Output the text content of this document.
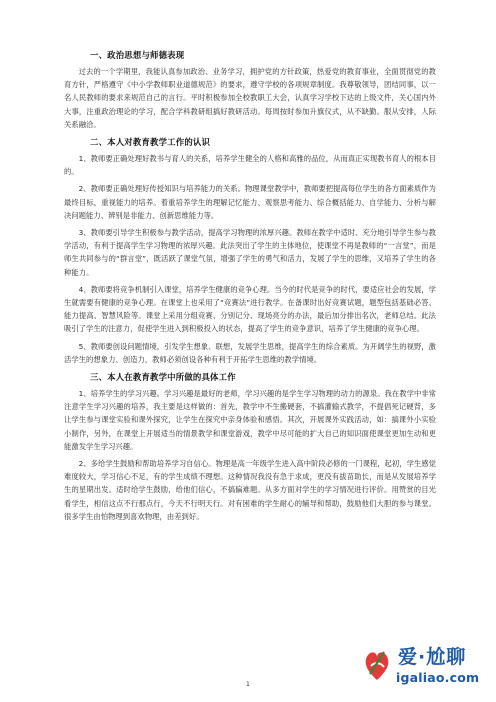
一、政治思想与师德表现

过去的一个学期里，我能认真参加政治、业务学习，拥护党的方针政策，热爱党的教育事业，全面贯彻党的教育方针，严格遵守《中小学教师职业道德规范》的要求，遵守学校的各项规章制度。我尊敬领导，团结同事，以一名人民教师的要求来规范自己的言行。平时积极参加全校教职工大会，认真学习学校下达的上级文件，关心国内外大事，注重政治理论的学习，配合学科教研组搞好教研活动。每周按时参加升旗仪式，从不缺勤。服从安排，人际关系融洽。

二、本人对教育教学工作的认识

1、教师要正确处理好教书与育人的关系，培养学生健全的人格和高雅的品位，从而真正实现教书育人的根本目的。

2、教师要正确处理好传授知识与培养能力的关系。物理课堂教学中，教师要把提高每位学生的各方面素质作为最终目标，重视能力的培养。着重培养学生的理解记忆能力、观察思考能力、综合概括能力、自学能力、分析与解决问题能力、辨别是非能力、创新思维能力等。

3、教师要引导学生积极参与教学活动，提高学习物理的浓厚兴趣。教师在教学中适时、充分地引导学生参与教学活动，有利于提高学生学习物理的浓厚兴趣。此法突出了学生的主体地位，使课堂不再是教师的“一言堂”，而是师生共同参与的“群言堂”，既活跃了课堂气氛，增强了学生的勇气和活力，发展了学生的思维，又培养了学生的各种能力。

4、教师要将竞争机制引入课堂，培养学生健康的竞争心理。当今的时代是竞争的时代，要适应社会的发展，学生就需要有健康的竞争心理。在课堂上也采用了“竞赛法”进行教学。在备课时出好竞赛试题，题型包括基础必答、能力提高、智慧风险等。课堂上采用分组竞赛、分别记分、现场亮分的办法，最后加分排出名次，老师总结。此法吸引了学生的注意力，促使学生进入到积极投入的状态，提高了学生的竞争意识，培养了学生健康的竞争心理。

5、教师要创设问题情境，引发学生想象、联想，发展学生思维，提高学生的综合素质。为开阔学生的视野，激活学生的想象力、创造力，教师必须创设各种有利于开拓学生思维的教学情境。

三、本人在教育教学中所做的具体工作

1、培养学生的学习兴趣。学习兴趣是最好的老师，学习兴趣的是学生学习物理的动力的源泉。我在教学中非常注意学生学习兴趣的培养，我主要是这样做的：首先，教学中不生搬硬套，不搞灌输式教学，不提倡死记硬背，多让学生参与课堂实验和课外探究，让学生在探究中亲身体验和感悟。其次，开展课外实践活动，如：搞课外小实验小制作，另外，在课堂上开展适当的情景教学和课堂游戏，教学中尽可能的扩大自己的知识面使课堂更加生动和更能激发学生学习兴趣。

2、多给学生鼓励和帮助培养学习自信心。物理是高一年级学生进入高中阶段必修的一门课程，起初，学生感觉难度较大，学习信心不足，有的学生成绩不理想。这种情况我没有急于求成，更没有拔苗助长，而是从发展培养学生的星期出发。适时给学生鼓励，给他们信心，不搞偏难题。从多方面对学生的学习情况进行评价。用赞赏的目光看学生，相信这点不行那点行，今天不行明天行。对有困难的学生耐心的辅导和帮助，鼓励他们大胆的参与课堂。很多学生由怕物理到喜欢物理，由差到好。

1
爱·尬聊
igaliao.com
